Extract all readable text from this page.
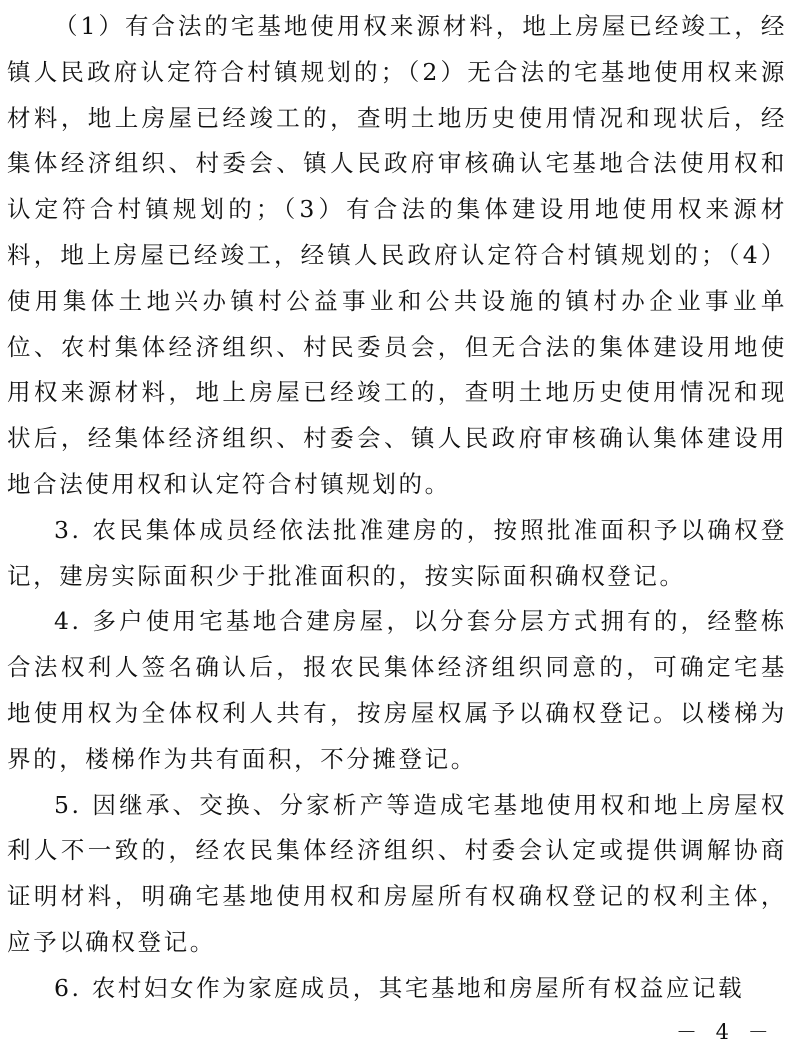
（1）有合法的宅基地使用权来源材料，地上房屋已经竣工，经镇人民政府认定符合村镇规划的；（2）无合法的宅基地使用权来源材料，地上房屋已经竣工的，查明土地历史使用情况和现状后，经集体经济组织、村委会、镇人民政府审核确认宅基地合法使用权和认定符合村镇规划的；（3）有合法的集体建设用地使用权来源材料，地上房屋已经竣工，经镇人民政府认定符合村镇规划的；（4）使用集体土地兴办镇村公益事业和公共设施的镇村办企业事业单位、农村集体经济组织、村民委员会，但无合法的集体建设用地使用权来源材料，地上房屋已经竣工的，查明土地历史使用情况和现状后，经集体经济组织、村委会、镇人民政府审核确认集体建设用地合法使用权和认定符合村镇规划的。

3. 农民集体成员经依法批准建房的，按照批准面积予以确权登记，建房实际面积少于批准面积的，按实际面积确权登记。

4. 多户使用宅基地合建房屋，以分套分层方式拥有的，经整栋合法权利人签名确认后，报农民集体经济组织同意的，可确定宅基地使用权为全体权利人共有，按房屋权属予以确权登记。以楼梯为界的，楼梯作为共有面积，不分摊登记。

5. 因继承、交换、分家析产等造成宅基地使用权和地上房屋权利人不一致的，经农民集体经济组织、村委会认定或提供调解协商证明材料，明确宅基地使用权和房屋所有权确权登记的权利主体，应予以确权登记。

6. 农村妇女作为家庭成员，其宅基地和房屋所有权益应记载

－ 4 －
